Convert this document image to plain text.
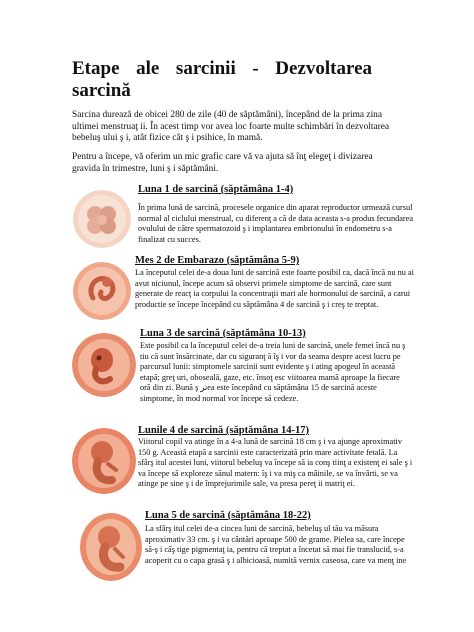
Etape ale sarcinii - Dezvoltarea sarcină

Sarcina durează de obicei 280 de zile (40 de săptămâni), începând de la prima zina ultimei menstruaţ ii. În acest timp vor avea loc foarte multe schimbări în dezvoltarea bebeluş ului ş i, atât fizice cât ş i psihice, în mamă.

Pentru a începe, vă oferim un mic grafic care vă va ajuta să înţ elegeţ i divizarea gravida în trimestre, luni ş i săptămâni.

Luna 1 de sarcină (săptămâna 1-4)

În prima lună de sarcină, procesele organice din aparat reproductor urmează cursul normal al ciclului menstrual, cu diferenţ a că de data aceasta s-a produs fecundarea ovulului de către spermatozoid ş i implantarea embrionului în endometru s-a finalizat cu succes.

Mes 2 de Embarazo (săptămâna 5-9)

La începutul celei de-a doua luni de sarcină este foarte posibil ca, dacă încă nu nu ai avut niciunul, începe acum să observi primele simptome de sarcină, care sunt generate de reacţ ia corpului la concentraţii mari ale hormonului de sarcină, a carui productie se începe începând cu săptămâna 4 de sarcină ş i creş te treptat.

Luna 3 de sarcină (săptămâna 10-13)

Este posibil ca la începutul celei de-a treia luni de sarcină, unele femei încă nu ş tiu că sunt însărcinate, dar cu siguranţ ă îş i vor da seama despre acest lucru pe parcursul lunii: simptomele sarcinii sunt evidente ş i ating apogeul în această etapă; greţ uri, oboseală, gaze, etc. însoţ esc viitoarea mamă aproape la fiecare oră din zi. Bună ş ترea este începând cu săptămâna 15 de sarcină aceste simptome, în mod normal vor începe să cedeze.

Lunile 4 de sarcină (săptămâna 14-17)

Viitorul copil va atinge în a 4-a lună de sarcină 18 cm ş i va ajunge aproximativ 150 g. Această etapă a sarcinii este caracterizată prin mare activitate fetală. La sfârş itul acestei luni, viitorul bebeluş va începe să ia conş tiinţ a existenţ ei sale ş i va începe să exploreze sănul matern: îş i va miş ca mâinile, se va învârti, se va atinge pe sine ş i de împrejurimile sale, va presa pereţ ii matriţ ei.

Luna 5 de sarcină (săptămâna 18-22)

La sfârş itul celei de-a cincea luni de sarcină, bebeluş ul tău va măsura aproximativ 33 cm. ş i va cântări aproape 500 de grame. Pielea sa, care începe să-ş i cấş tige pigmentaţ ia, pentru că treptat a încetat să mai fie translucid, s-a acoperit cu o capa grasă ş i albicioasă, numită vernix caseosa, care va menţ ine
